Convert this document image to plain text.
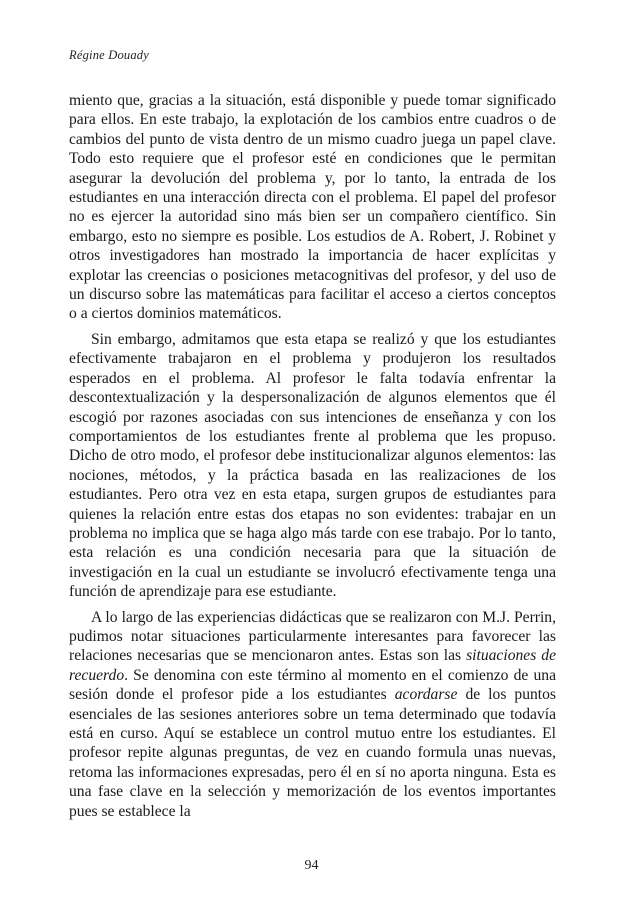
Régine Douady

miento que, gracias a la situación, está disponible y puede tomar significado para ellos. En este trabajo, la explotación de los cambios entre cuadros o de cambios del punto de vista dentro de un mismo cuadro juega un papel clave. Todo esto requiere que el profesor esté en condiciones que le permitan asegurar la devolución del problema y, por lo tanto, la entrada de los estudiantes en una interacción directa con el problema. El papel del profesor no es ejercer la autoridad sino más bien ser un compañero científico. Sin embargo, esto no siempre es posible. Los estudios de A. Robert, J. Robinet y otros investigadores han mostrado la importancia de hacer explícitas y explotar las creencias o posiciones metacognitivas del profesor, y del uso de un discurso sobre las matemáticas para facilitar el acceso a ciertos conceptos o a ciertos dominios matemáticos.

Sin embargo, admitamos que esta etapa se realizó y que los estudiantes efectivamente trabajaron en el problema y produjeron los resultados esperados en el problema. Al profesor le falta todavía enfrentar la descontextualización y la despersonalización de algunos elementos que él escogió por razones asociadas con sus intenciones de enseñanza y con los comportamientos de los estudiantes frente al problema que les propuso. Dicho de otro modo, el profesor debe institucionalizar algunos elementos: las nociones, métodos, y la práctica basada en las realizaciones de los estudiantes. Pero otra vez en esta etapa, surgen grupos de estudiantes para quienes la relación entre estas dos etapas no son evidentes: trabajar en un problema no implica que se haga algo más tarde con ese trabajo. Por lo tanto, esta relación es una condición necesaria para que la situación de investigación en la cual un estudiante se involucró efectivamente tenga una función de aprendizaje para ese estudiante.

A lo largo de las experiencias didácticas que se realizaron con M.J. Perrin, pudimos notar situaciones particularmente interesantes para favorecer las relaciones necesarias que se mencionaron antes. Estas son las situaciones de recuerdo. Se denomina con este término al momento en el comienzo de una sesión donde el profesor pide a los estudiantes acordarse de los puntos esenciales de las sesiones anteriores sobre un tema determinado que todavía está en curso. Aquí se establece un control mutuo entre los estudiantes. El profesor repite algunas preguntas, de vez en cuando formula unas nuevas, retoma las informaciones expresadas, pero él en sí no aporta ninguna. Esta es una fase clave en la selección y memorización de los eventos importantes pues se establece la

94
